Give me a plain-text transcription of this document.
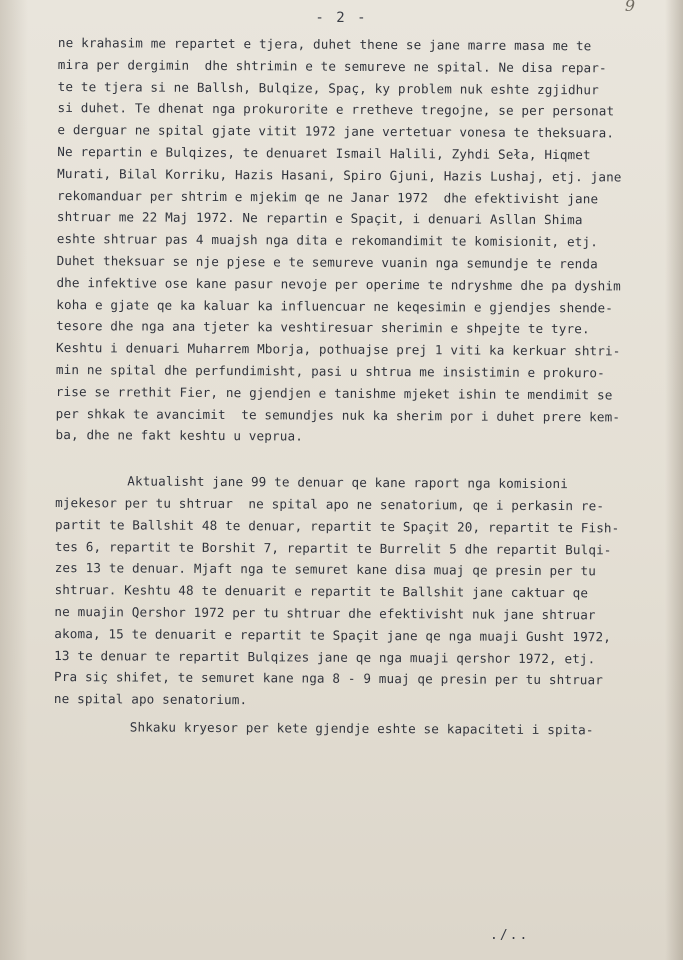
- 2 -
9
ne krahasim me repartet e tjera, duhet thene se jane marre masa me te
mira per dergimin  dhe shtrimin e te semureve ne spital. Ne disa repar-
te te tjera si ne Ballsh, Bulqize, Spaç, ky problem nuk eshte zgjidhur
si duhet. Te dhenat nga prokurorite e rretheve tregojne, se per personat
e derguar ne spital gjate vitit 1972 jane vertetuar vonesa te theksuara.
Ne repartin e Bulqizes, te denuaret Ismail Halili, Zyhdi Seła, Hiqmet
Murati, Bilal Korriku, Hazis Hasani, Spiro Gjuni, Hazis Lushaj, etj. jane
rekomanduar per shtrim e mjekim qe ne Janar 1972  dhe efektivisht jane
shtruar me 22 Maj 1972. Ne repartin e Spaçit, i denuari Asllan Shima
eshte shtruar pas 4 muajsh nga dita e rekomandimit te komisionit, etj.
Duhet theksuar se nje pjese e te semureve vuanin nga semundje te renda
dhe infektive ose kane pasur nevoje per operime te ndryshme dhe pa dyshim
koha e gjate qe ka kaluar ka influencuar ne keqesimin e gjendjes shende-
tesore dhe nga ana tjeter ka veshtiresuar sherimin e shpejte te tyre.
Keshtu i denuari Muharrem Mborja, pothuajse prej 1 viti ka kerkuar shtri-
min ne spital dhe perfundimisht, pasi u shtrua me insistimin e prokuro-
rise se rrethit Fier, ne gjendjen e tanishme mjeket ishin te mendimit se
per shkak te avancimit  te semundjes nuk ka sherim por i duhet prere kem-
ba, dhe ne fakt keshtu u veprua.
Aktualisht jane 99 te denuar qe kane raport nga komisioni
mjekesor per tu shtruar  ne spital apo ne senatorium, qe i perkasin re-
partit te Ballshit 48 te denuar, repartit te Spaçit 20, repartit te Fish-
tes 6, repartit te Borshit 7, repartit te Burrelit 5 dhe repartit Bulqi-
zes 13 te denuar. Mjaft nga te semuret kane disa muaj qe presin per tu
shtruar. Keshtu 48 te denuarit e repartit te Ballshit jane caktuar qe
ne muajin Qershor 1972 per tu shtruar dhe efektivisht nuk jane shtruar
akoma, 15 te denuarit e repartit te Spaçit jane qe nga muaji Gusht 1972,
13 te denuar te repartit Bulqizes jane qe nga muaji qershor 1972, etj.
Pra siç shifet, te semuret kane nga 8 - 9 muaj qe presin per tu shtruar
ne spital apo senatorium.
Shkaku kryesor per kete gjendje eshte se kapaciteti i spita-
./..
